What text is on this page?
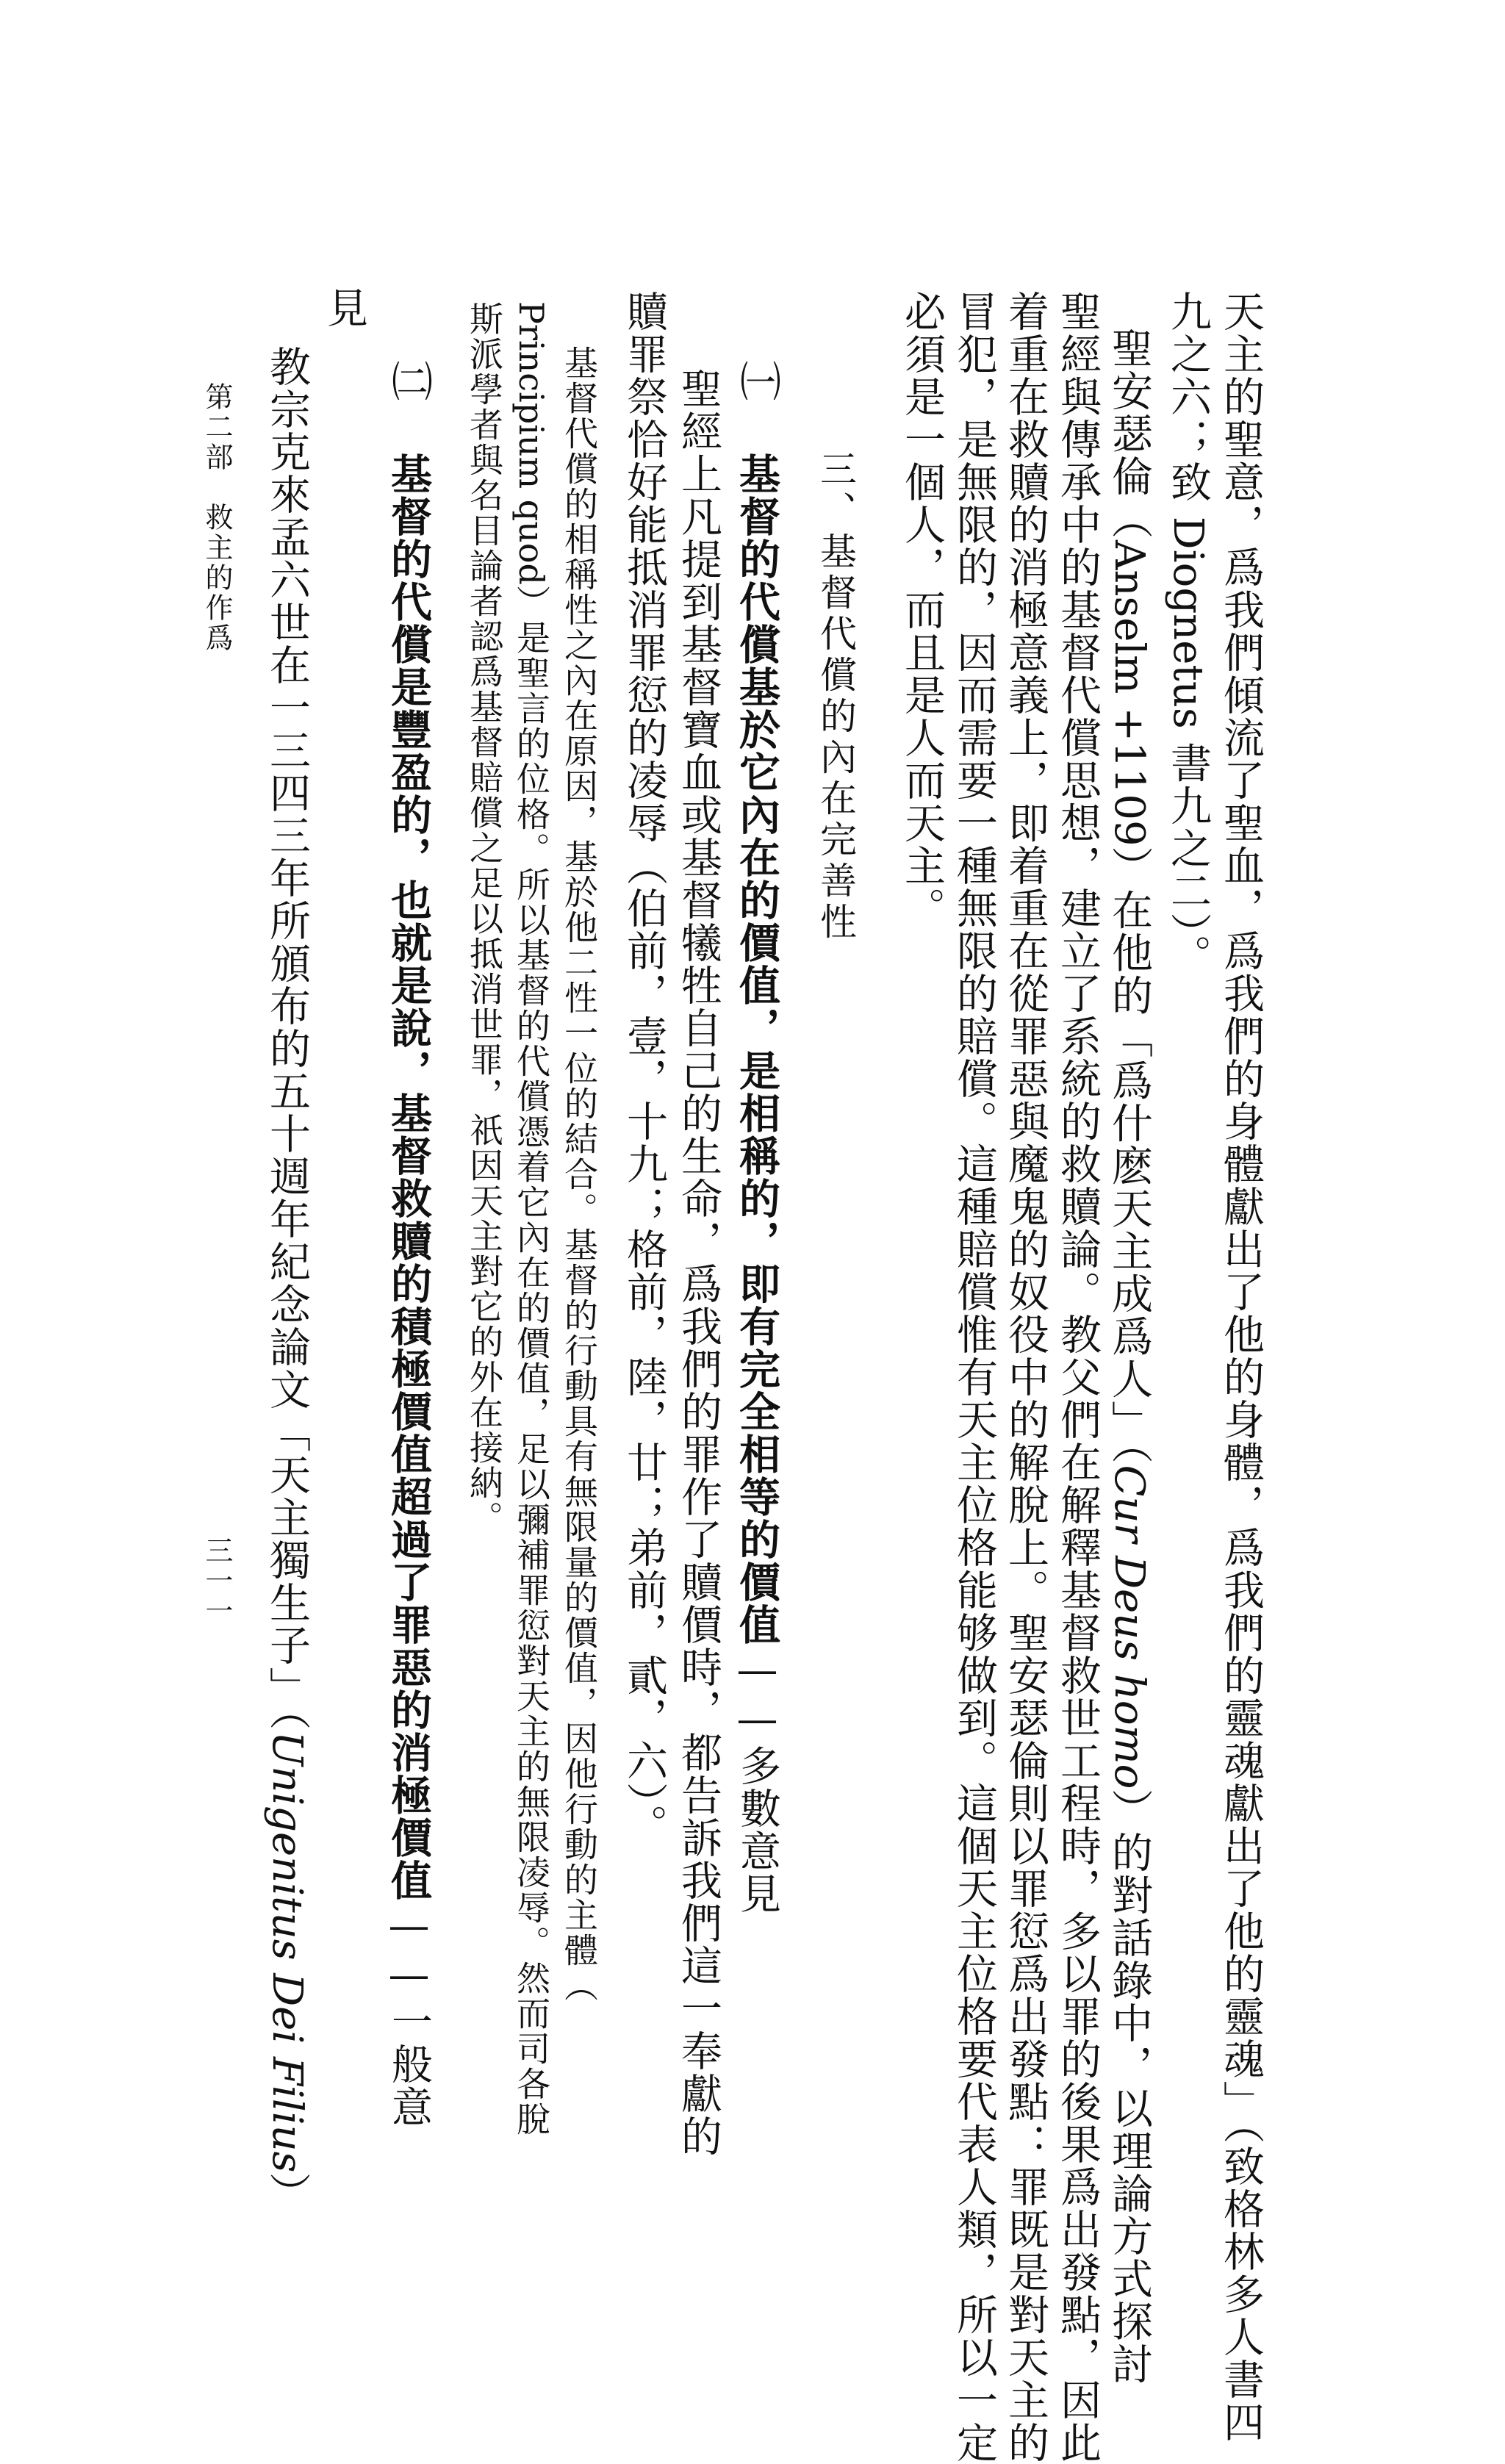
天主的聖意，爲我們傾流了聖血，爲我們的身體獻出了他的身體，爲我們的靈魂獻出了他的靈魂」（致格林多人書四
九之六；致 Diognetus 書九之二）。
聖安瑟倫（Anselm +1109）在他的「爲什麽天主成爲人」（Cur Deus homo）的對話錄中，以理論方式探討
聖經與傳承中的基督代償思想，建立了系統的救贖論。教父們在解釋基督救世工程時，多以罪的後果爲出發點，因此
着重在救贖的消極意義上，即着重在從罪惡與魔鬼的奴役中的解脫上。聖安瑟倫則以罪愆爲出發點：罪既是對天主的
冒犯，是無限的，因而需要一種無限的賠償。這種賠償惟有天主位格能够做到。這個天主位格要代表人類，所以一定
必須是一個人，而且是人而天主。
三、基督代償的內在完善性
㈠ 基督的代償基於它內在的價值，是相稱的，即有完全相等的價值——多數意見
聖經上凡提到基督寶血或基督犧牲自己的生命，爲我們的罪作了贖價時，都告訴我們這一奉獻的
贖罪祭恰好能抵消罪愆的凌辱（伯前，壹，十九；格前，陸，廿；弟前，貳，六）。
基督代償的相稱性之內在原因，基於他二性一位的結合。基督的行動具有無限量的價值，因他行動的主體（
Principium quod）是聖言的位格。所以基督的代償憑着它內在的價值，足以彌補罪愆對天主的無限凌辱。然而司各脫
斯派學者與名目論者認爲基督賠償之足以抵消世罪，祇因天主對它的外在接納。
㈡ 基督的代償是豐盈的，也就是說，基督救贖的積極價值超過了罪惡的消極價值——一般意
見
教宗克來孟六世在一三四三年所頒布的五十週年紀念論文「天主獨生子」（Unigenitus Dei Filius）
第二部　救主的作爲
三一一
